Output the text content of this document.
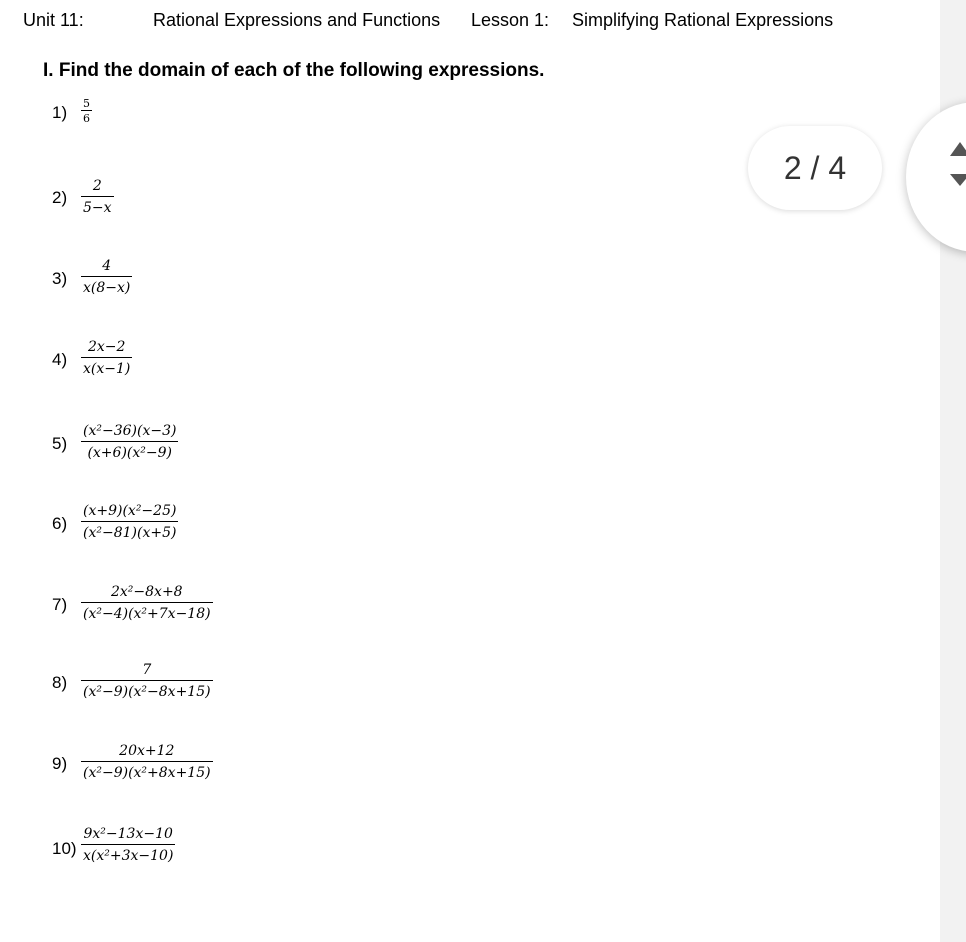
Unit 11:	Rational Expressions and Functions Lesson 1: Simplifying Rational Expressions
I. Find the domain of each of the following expressions.
$1) \frac{5}{6}$
$2) \frac{2}{5-x}$
$3) \frac{4}{x(8-x)}$
$4) \frac{2x-2}{x(x-1)}$
$5) \frac{\text{(x²−36)(x−3)}}{\text{(x+6)(x²−9)}}$
$6) \frac{\text{(x+9)(x²−25)}}{\text{(x²−81)(x+5)}}$
$7) \frac{\text{2x²−8x+8}}{\text{(x²−4)(x²+7x−18)}}$
$8) \frac{7}{\text{(x²−9)(x²−8x+15)}}$
$9) \frac{20x+12}{\text{(x²−9)(x²+8x+15)}}$
$10) \frac{\text{9x²−13x−10}}{\text{x(x²+3x−10)}}$
2 / 4
